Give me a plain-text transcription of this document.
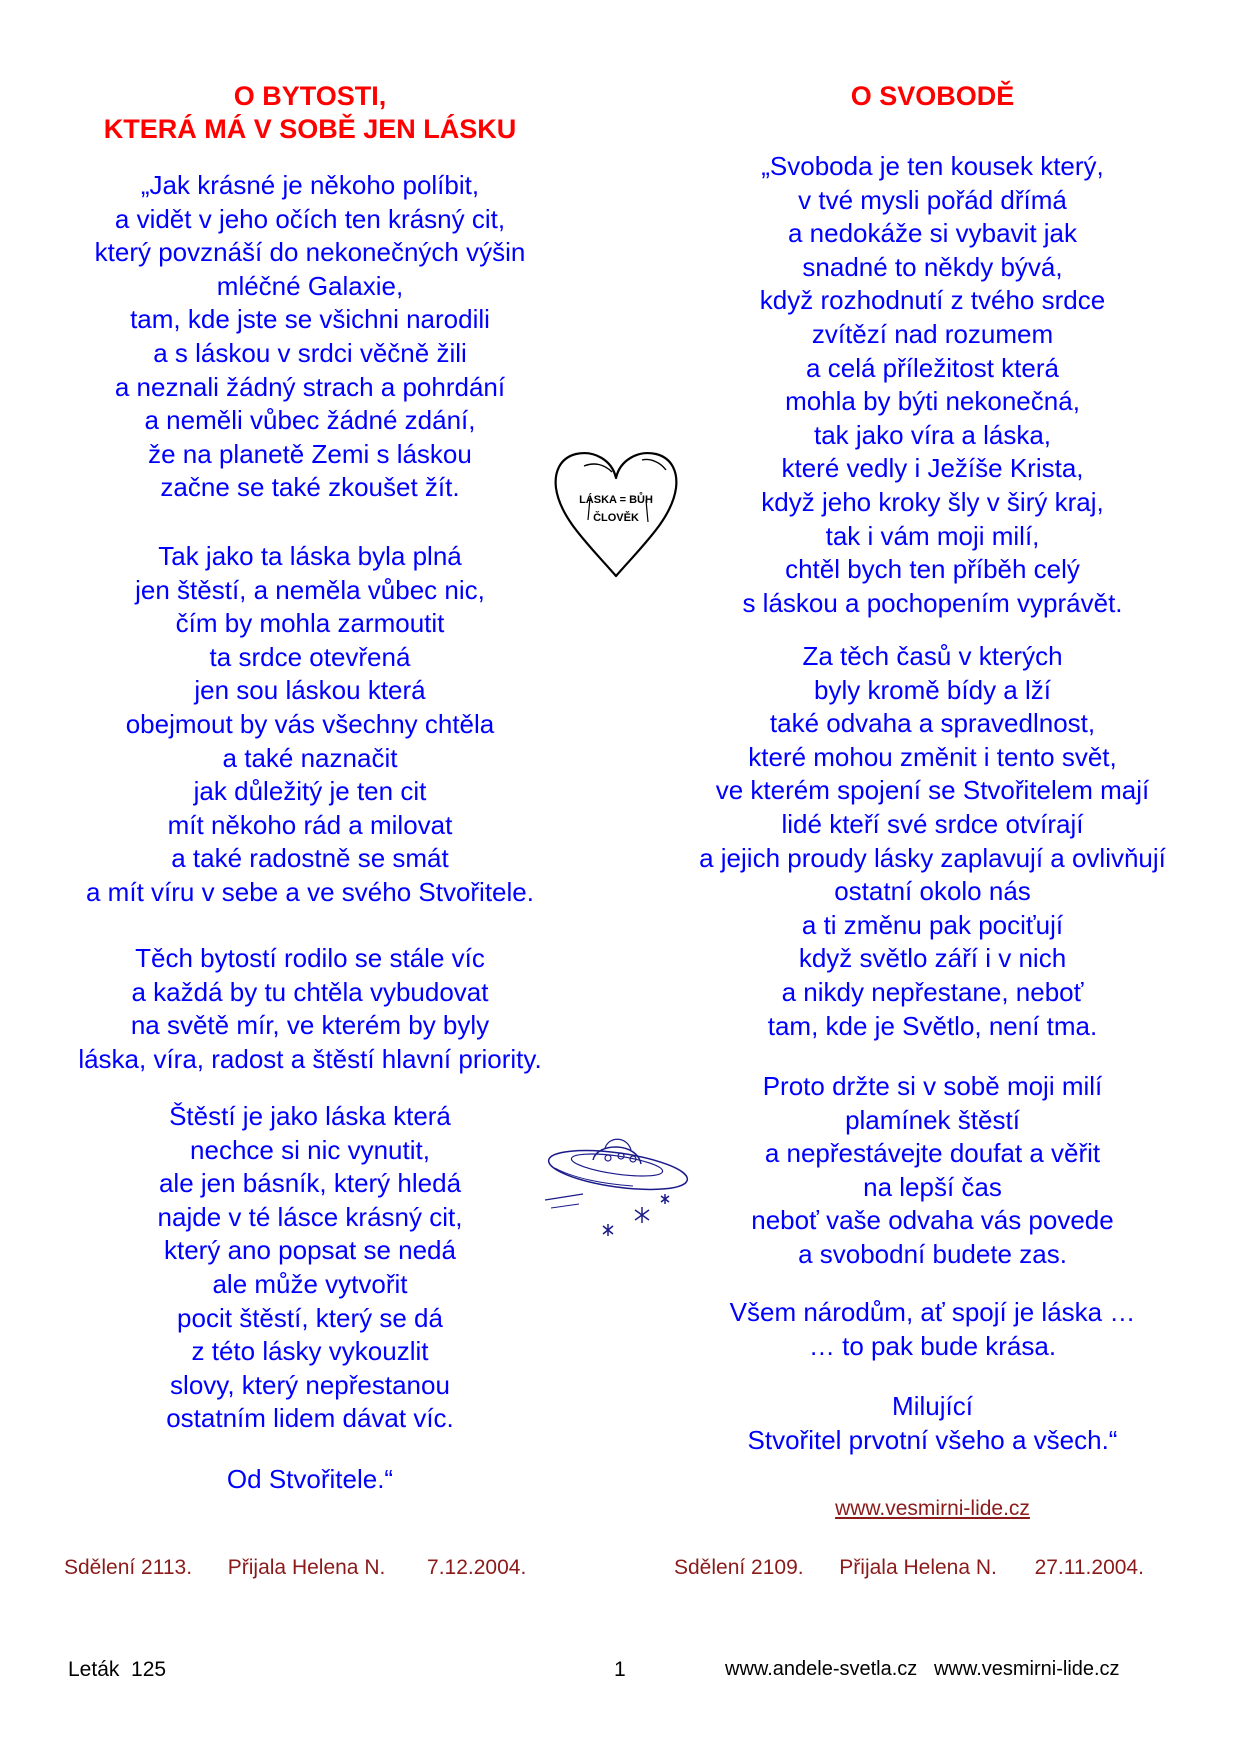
O BYTOSTI,
KTERÁ MÁ V SOBĚ JEN LÁSKU
„Jak krásné je někoho políbit,
a vidět v jeho očích ten krásný cit,
který povznáší do nekonečných výšin
mléčné Galaxie,
tam, kde jste se všichni narodili
a s láskou v srdci věčně žili
a neznali žádný strach a pohrdání
a neměli vůbec žádné zdání,
že na planetě Zemi s láskou
začne se také zkoušet žít.
Tak jako ta láska byla plná
jen štěstí, a neměla vůbec nic,
čím by mohla zarmoutit
ta srdce otevřená
jen sou láskou která
obejmout by vás všechny chtěla
a také naznačit
jak důležitý je ten cit
mít někoho rád a milovat
a také radostně se smát
a mít víru v sebe a ve svého Stvořitele.
Těch bytostí rodilo se stále víc
a každá by tu chtěla vybudovat
na světě mír, ve kterém by byly
láska, víra, radost a štěstí hlavní priority.
Štěstí je jako láska která
nechce si nic vynutit,
ale jen básník, který hledá
najde v té lásce krásný cit,
který ano popsat se nedá
ale může vytvořit
pocit štěstí, který se dá
z této lásky vykouzlit
slovy, který nepřestanou
ostatním lidem dávat víc.
Od Stvořitele.“
O SVOBODĚ
„Svoboda je ten kousek který,
v tvé mysli pořád dřímá
a nedokáže si vybavit jak
snadné to někdy bývá,
když rozhodnutí z tvého srdce
zvítězí nad rozumem
a celá příležitost která
mohla by býti nekonečná,
tak jako víra a láska,
které vedly i Ježíše Krista,
když jeho kroky šly v širý kraj,
tak i vám moji milí,
chtěl bych ten příběh celý
s láskou a pochopením vyprávět.
Za těch časů v kterých
byly kromě bídy a lží
také odvaha a spravedlnost,
které mohou změnit i tento svět,
ve kterém spojení se Stvořitelem mají
lidé kteří své srdce otvírají
a jejich proudy lásky zaplavují a ovlivňují
ostatní okolo nás
a ti změnu pak pociťují
když světlo září i v nich
a nikdy nepřestane, neboť
tam, kde je Světlo, není tma.
Proto držte si v sobě moji milí
plamínek štěstí
a nepřestávejte doufat a věřit
na lepší čas
neboť vaše odvaha vás povede
a svobodní budete zas.
Všem národům, ať spojí je láska …
… to pak bude krása.
Milující
Stvořitel prvotní všeho a všech.“
www.vesmirni-lide.cz
LÁSKA = BŮH
ČLOVĚK
Sdělení 2113. Přijala Helena N. 7.12.2004.	Sdělení 2109. Přijala Helena N. 27.11.2004.
Leták  125	1	www.andele-svetla.cz   www.vesmirni-lide.cz
